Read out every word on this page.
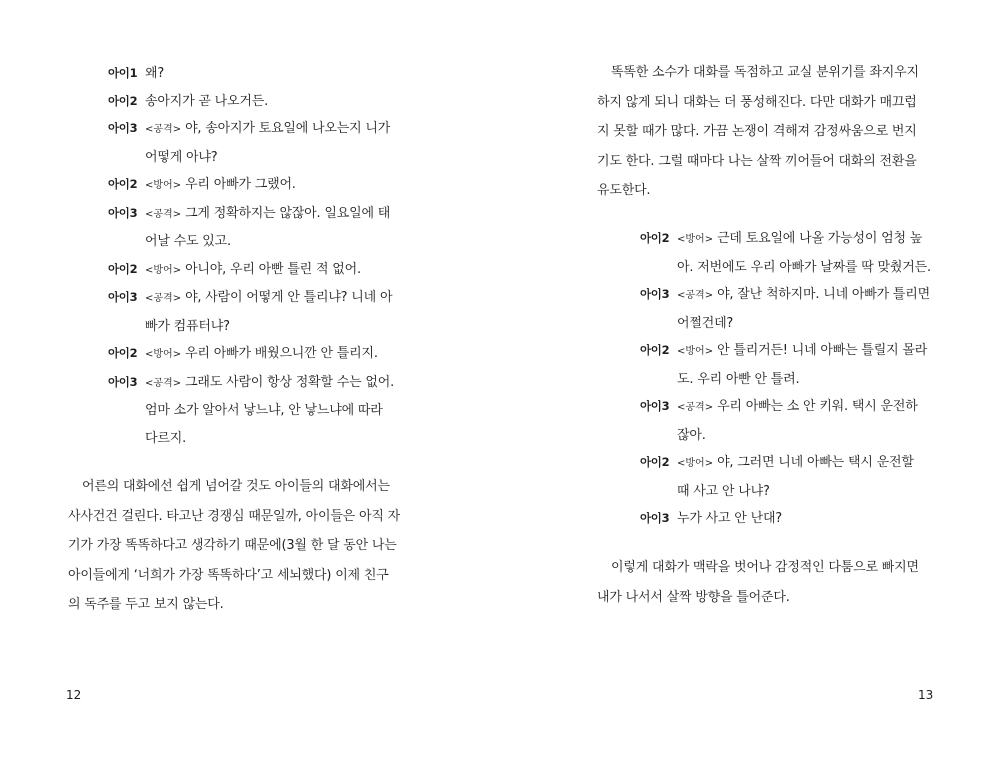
아이1 왜?
아이2 송아지가 곧 나오거든.
아이3 <공격> 야, 송아지가 토요일에 나오는지 니가
어떻게 아냐?
아이2 <방어> 우리 아빠가 그랬어.
아이3 <공격> 그게 정확하지는 않잖아. 일요일에 태
어날 수도 있고.
아이2 <방어> 아니야, 우리 아빤 틀린 적 없어.
아이3 <공격> 야, 사람이 어떻게 안 틀리냐? 니네 아
빠가 컴퓨터냐?
아이2 <방어> 우리 아빠가 배웠으니깐 안 틀리지.
아이3 <공격> 그래도 사람이 항상 정확할 수는 없어.
엄마 소가 알아서 낳느냐, 안 낳느냐에 따라
다르지.
어른의 대화에선 쉽게 넘어갈 것도 아이들의 대화에서는
사사건건 걸린다. 타고난 경쟁심 때문일까, 아이들은 아직 자
기가 가장 똑똑하다고 생각하기 때문에(3월 한 달 동안 나는
아이들에게 ‘너희가 가장 똑똑하다’고 세뇌했다) 이제 친구
의 독주를 두고 보지 않는다.
12
똑똑한 소수가 대화를 독점하고 교실 분위기를 좌지우지
하지 않게 되니 대화는 더 풍성해진다. 다만 대화가 매끄럽
지 못할 때가 많다. 가끔 논쟁이 격해져 감정싸움으로 번지
기도 한다. 그럴 때마다 나는 살짝 끼어들어 대화의 전환을
유도한다.
아이2 <방어> 근데 토요일에 나올 가능성이 엄청 높
아. 저번에도 우리 아빠가 날짜를 딱 맞췄거든.
아이3 <공격> 야, 잘난 척하지마. 니네 아빠가 틀리면
어쩔건데?
아이2 <방어> 안 틀리거든! 니네 아빠는 틀릴지 몰라
도. 우리 아빤 안 틀려.
아이3 <공격> 우리 아빠는 소 안 키워. 택시 운전하
잖아.
아이2 <방어> 야, 그러면 니네 아빠는 택시 운전할
때 사고 안 나냐?
아이3 누가 사고 안 난대?
이렇게 대화가 맥락을 벗어나 감정적인 다툼으로 빠지면
내가 나서서 살짝 방향을 틀어준다.
13
